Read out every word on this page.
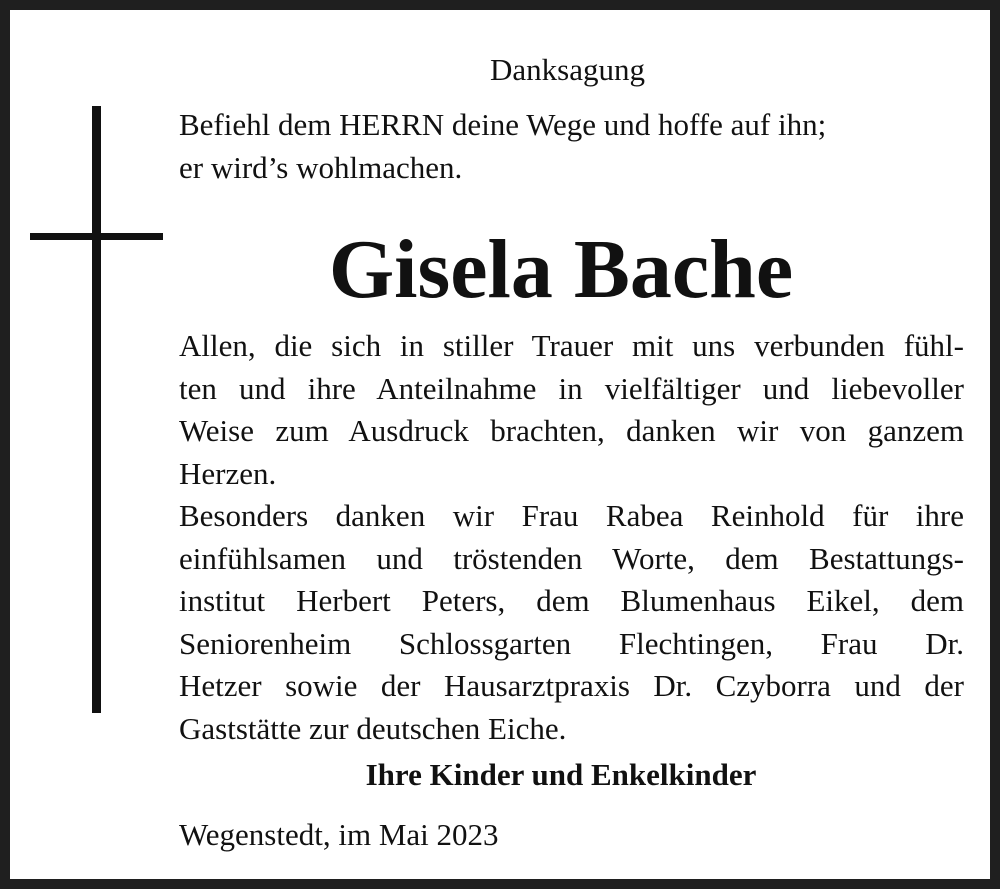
Danksagung
Befiehl dem HERRN deine Wege und hoffe auf ihn;
er wird’s wohlmachen.
Gisela Bache
Allen, die sich in stiller Trauer mit uns verbunden fühl-
ten und ihre Anteilnahme in vielfältiger und liebevoller
Weise zum Ausdruck brachten, danken wir von ganzem
Herzen.
Besonders danken wir Frau Rabea Reinhold für ihre
einfühlsamen und tröstenden Worte, dem Bestattungs-
institut Herbert Peters, dem Blumenhaus Eikel, dem
Seniorenheim Schlossgarten Flechtingen, Frau Dr.
Hetzer sowie der Hausarztpraxis Dr. Czyborra und der
Gaststätte zur deutschen Eiche.
Ihre Kinder und Enkelkinder
Wegenstedt, im Mai 2023
